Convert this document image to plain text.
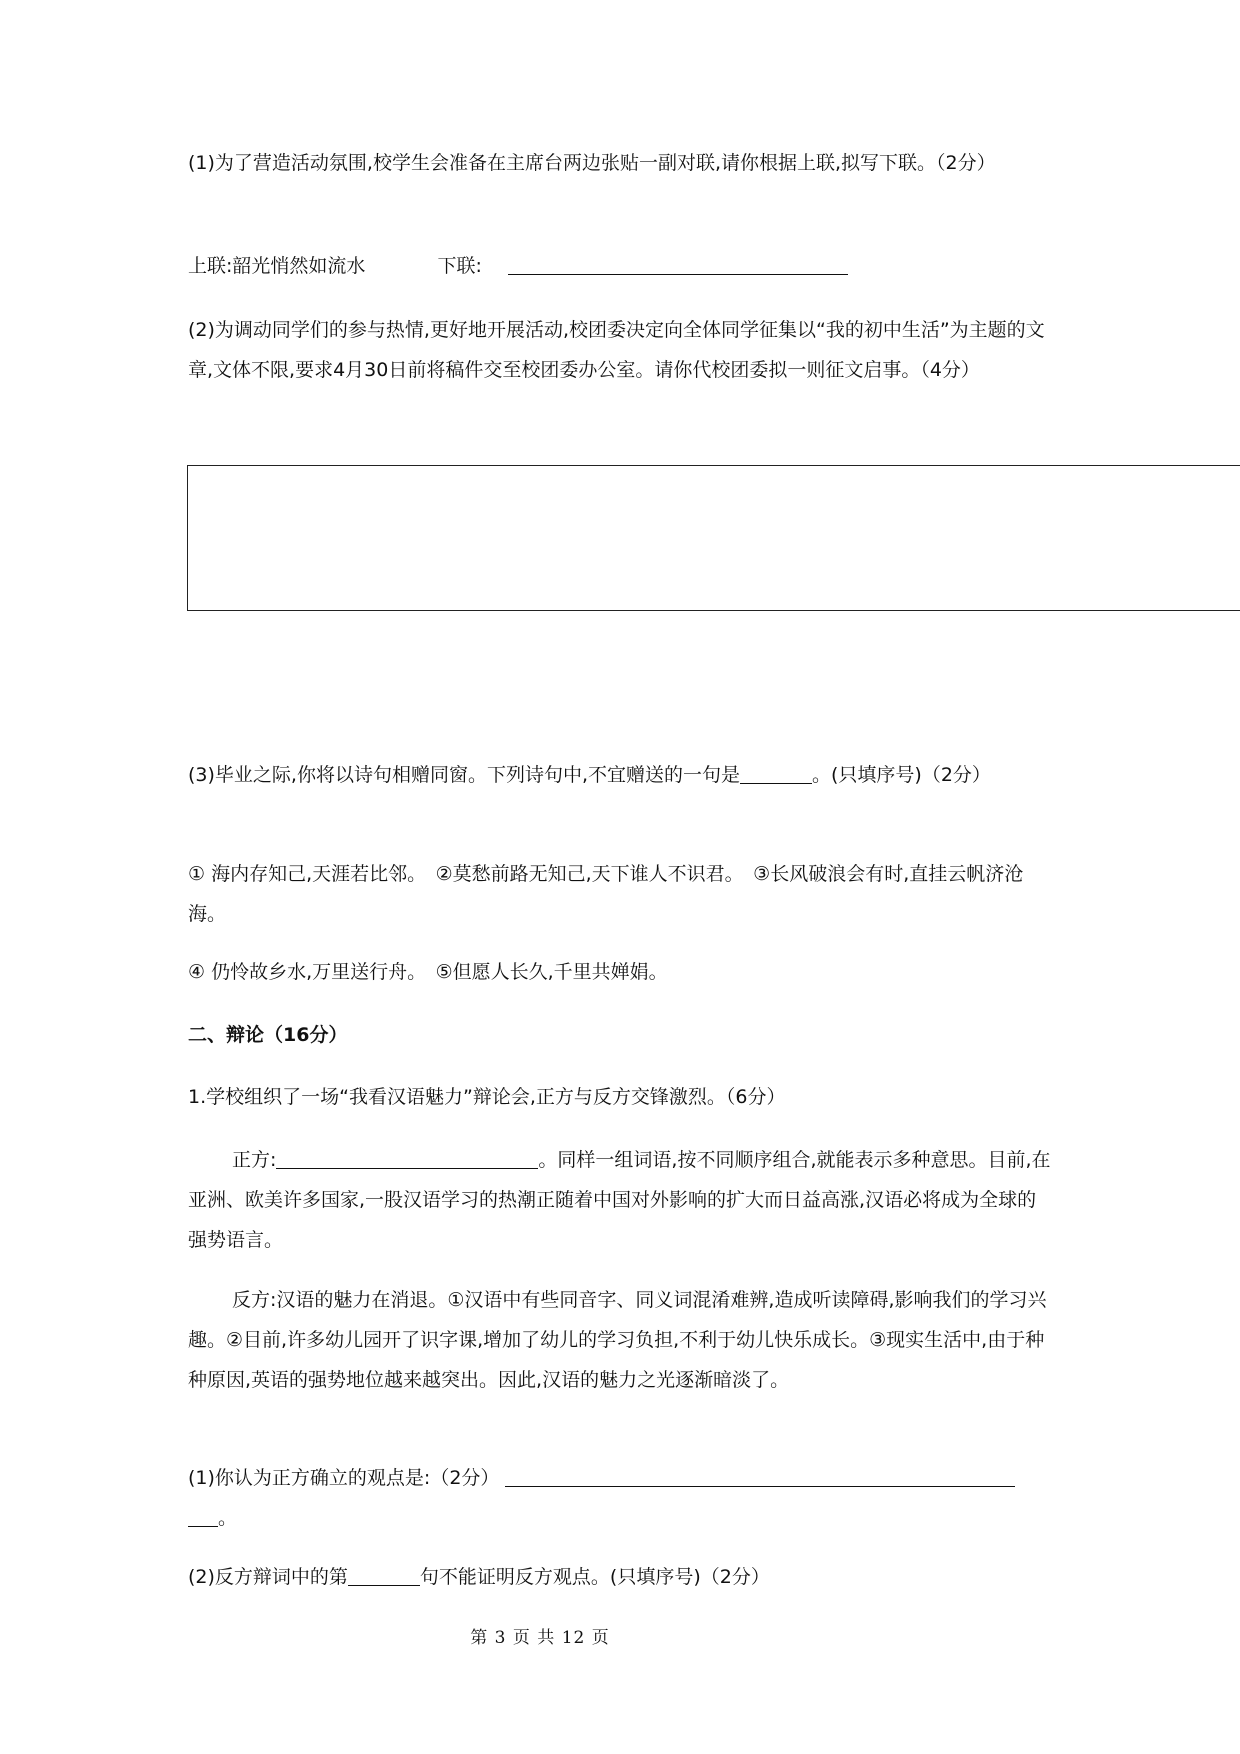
(1)为了营造活动氛围,校学生会准备在主席台两边张贴一副对联,请你根据上联,拟写下联。（2分）

上联:韶光悄然如流水	下联:

(2)为调动同学们的参与热情,更好地开展活动,校团委决定向全体同学征集以“我的初中生活”为主题的文章,文体不限,要求4月30日前将稿件交至校团委办公室。请你代校团委拟一则征文启事。（4分）

(3)毕业之际,你将以诗句相赠同窗。下列诗句中,不宜赠送的一句是	。(只填序号)（2分）

① 海内存知己,天涯若比邻。　②莫愁前路无知己,天下谁人不识君。　③长风破浪会有时,直挂云帆济沧海。

④ 仍怜故乡水,万里送行舟。　⑤但愿人长久,千里共婵娟。

二、辩论（16分）

1.学校组织了一场“我看汉语魅力”辩论会,正方与反方交锋激烈。（6分）

正方:	。同样一组词语,按不同顺序组合,就能表示多种意思。目前,在亚洲、欧美许多国家,一股汉语学习的热潮正随着中国对外影响的扩大而日益高涨,汉语必将成为全球的强势语言。

反方:汉语的魅力在消退。①汉语中有些同音字、同义词混淆难辨,造成听读障碍,影响我们的学习兴趣。②目前,许多幼儿园开了识字课,增加了幼儿的学习负担,不利于幼儿快乐成长。③现实生活中,由于种种原因,英语的强势地位越来越突出。因此,汉语的魅力之光逐渐暗淡了。

(1)你认为正方确立的观点是:（2分）
。

(2)反方辩词中的第	句不能证明反方观点。(只填序号)（2分）

第 3 页 共 12 页
